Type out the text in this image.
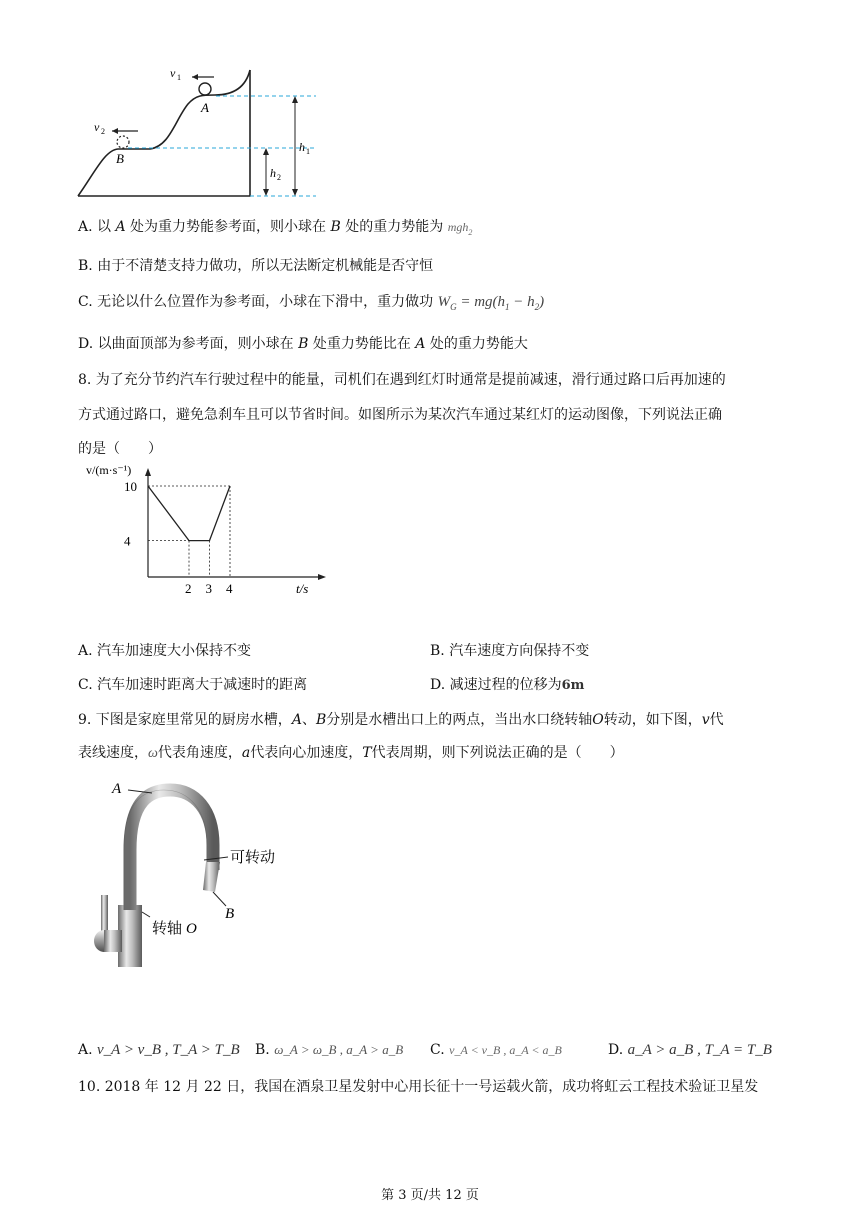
v 1
v 2
A
B
h 1
h 2
A. 以 A 处为重力势能参考面，则小球在 B 处的重力势能为 mgh$_2$
B. 由于不清楚支持力做功，所以无法断定机械能是否守恒
C. 无论以什么位置作为参考面，小球在下滑中，重力做功 $W_G = mg(h_1 - h_2)$
D. 以曲面顶部为参考面，则小球在 B 处重力势能比在 A 处的重力势能大
8. 为了充分节约汽车行驶过程中的能量，司机们在遇到红灯时通常是提前减速，滑行通过路口后再加速的
方式通过路口，避免急刹车且可以节省时间。如图所示为某次汽车通过某红灯的运动图像，下列说法正确
的是（　　）
10
4
2 3 4
v/(m·s⁻¹)
t/s
A. 汽车加速度大小保持不变	B. 汽车速度方向保持不变
C. 汽车加速时距离大于减速时的距离	D. 减速过程的位移为6m
9. 下图是家庭里常见的厨房水槽，A、B分别是水槽出口上的两点，当出水口绕转轴O转动，如下图，v代
表线速度，ω代表角速度，a代表向心加速度，T代表周期，则下列说法正确的是（　　）
A
可转动
B
转轴 O
A. v_A > v_B , T_A > T_B B. ω_A > ω_B , a_A > a_B C. v_A < v_B , a_A < a_B	D. a_A > a_B , T_A = T_B
10. 2018 年 12 月 22 日，我国在酒泉卫星发射中心用长征十一号运载火箭，成功将虹云工程技术验证卫星发
第 3 页/共 12 页
